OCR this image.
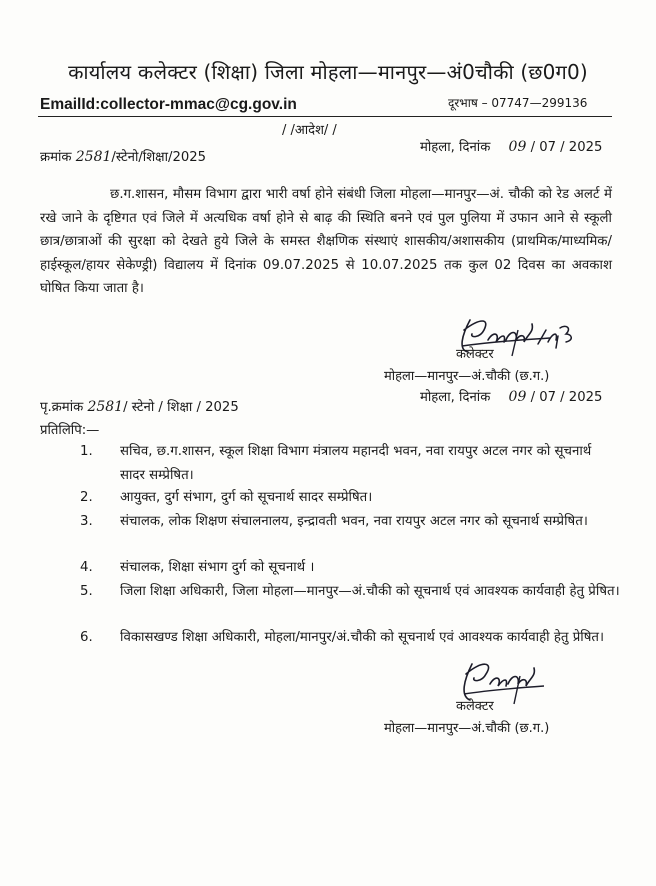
कार्यालय कलेक्टर (शिक्षा) जिला मोहला—मानपुर—अं0चौकी (छ0ग0)
EmailId:collector-mmac@cg.gov.in	दूरभाष – 07747—299136
/ /आदेश/ /
क्रमांक 2581/स्टेनो/शिक्षा/2025
मोहला, दिनांक 09 / 07 / 2025
छ.ग.शासन, मौसम विभाग द्वारा भारी वर्षा होने संबंधी जिला मोहला—मानपुर—अं. चौकी को रेड अलर्ट में रखे जाने के दृष्टिगत एवं जिले में अत्यधिक वर्षा होने से बाढ़ की स्थिति बनने एवं पुल पुलिया में उफान आने से स्कूली छात्र/छात्राओं की सुरक्षा को देखते हुये जिले के समस्त शैक्षणिक संस्थाएं शासकीय/अशासकीय (प्राथमिक/माध्यमिक/हाईस्कूल/हायर सेकेण्ड्री) विद्यालय में दिनांक 09.07.2025 से 10.07.2025 तक कुल 02 दिवस का अवकाश घोषित किया जाता है।
कलेक्टर
मोहला—मानपुर—अं.चौकी (छ.ग.)
पृ.क्रमांक 2581/ स्टेनो / शिक्षा / 2025
मोहला, दिनांक 09 / 07 / 2025
प्रतिलिपि:—
1. सचिव, छ.ग.शासन, स्कूल शिक्षा विभाग मंत्रालय महानदी भवन, नवा रायपुर अटल नगर को सूचनार्थ सादर सम्प्रेषित।
2. आयुक्त, दुर्ग संभाग, दुर्ग को सूचनार्थ सादर सम्प्रेषित।
3. संचालक, लोक शिक्षण संचालनालय, इन्द्रावती भवन, नवा रायपुर अटल नगर को सूचनार्थ सम्प्रेषित।
4. संचालक, शिक्षा संभाग दुर्ग को सूचनार्थ ।
5. जिला शिक्षा अधिकारी, जिला मोहला—मानपुर—अं.चौकी को सूचनार्थ एवं आवश्यक कार्यवाही हेतु प्रेषित।
6. विकासखण्ड शिक्षा अधिकारी, मोहला/मानपुर/अं.चौकी को सूचनार्थ एवं आवश्यक कार्यवाही हेतु प्रेषित।
कलेक्टर
मोहला—मानपुर—अं.चौकी (छ.ग.)
